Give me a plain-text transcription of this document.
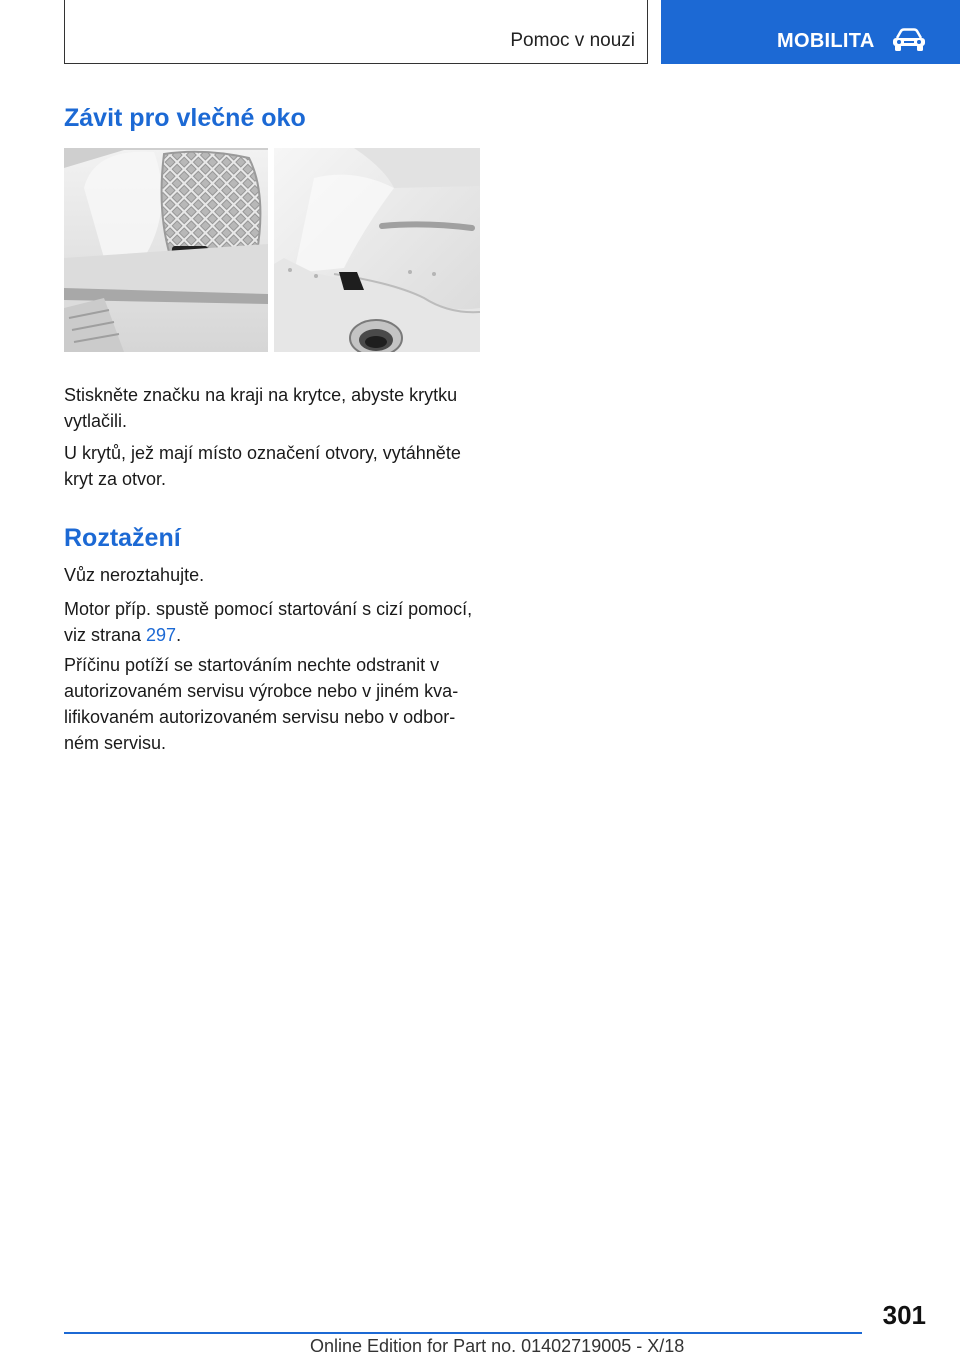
Pomoc v nouzi	MOBILITA
Závit pro vlečné oko

Stiskněte značku na kraji na krytce, abyste krytku vytlačili.

U krytů, jež mají místo označení otvory, vytáhněte kryt za otvor.

Roztažení

Vůz neroztahujte.

Motor příp. spustě pomocí startování s cizí pomocí, viz strana 297.

Příčinu potíží se startováním nechte odstranit v autorizovaném servisu výrobce nebo v jiném kvalifikovaném autorizovaném servisu nebo v odborném servisu.

301
Online Edition for Part no. 01402719005 - X/18
